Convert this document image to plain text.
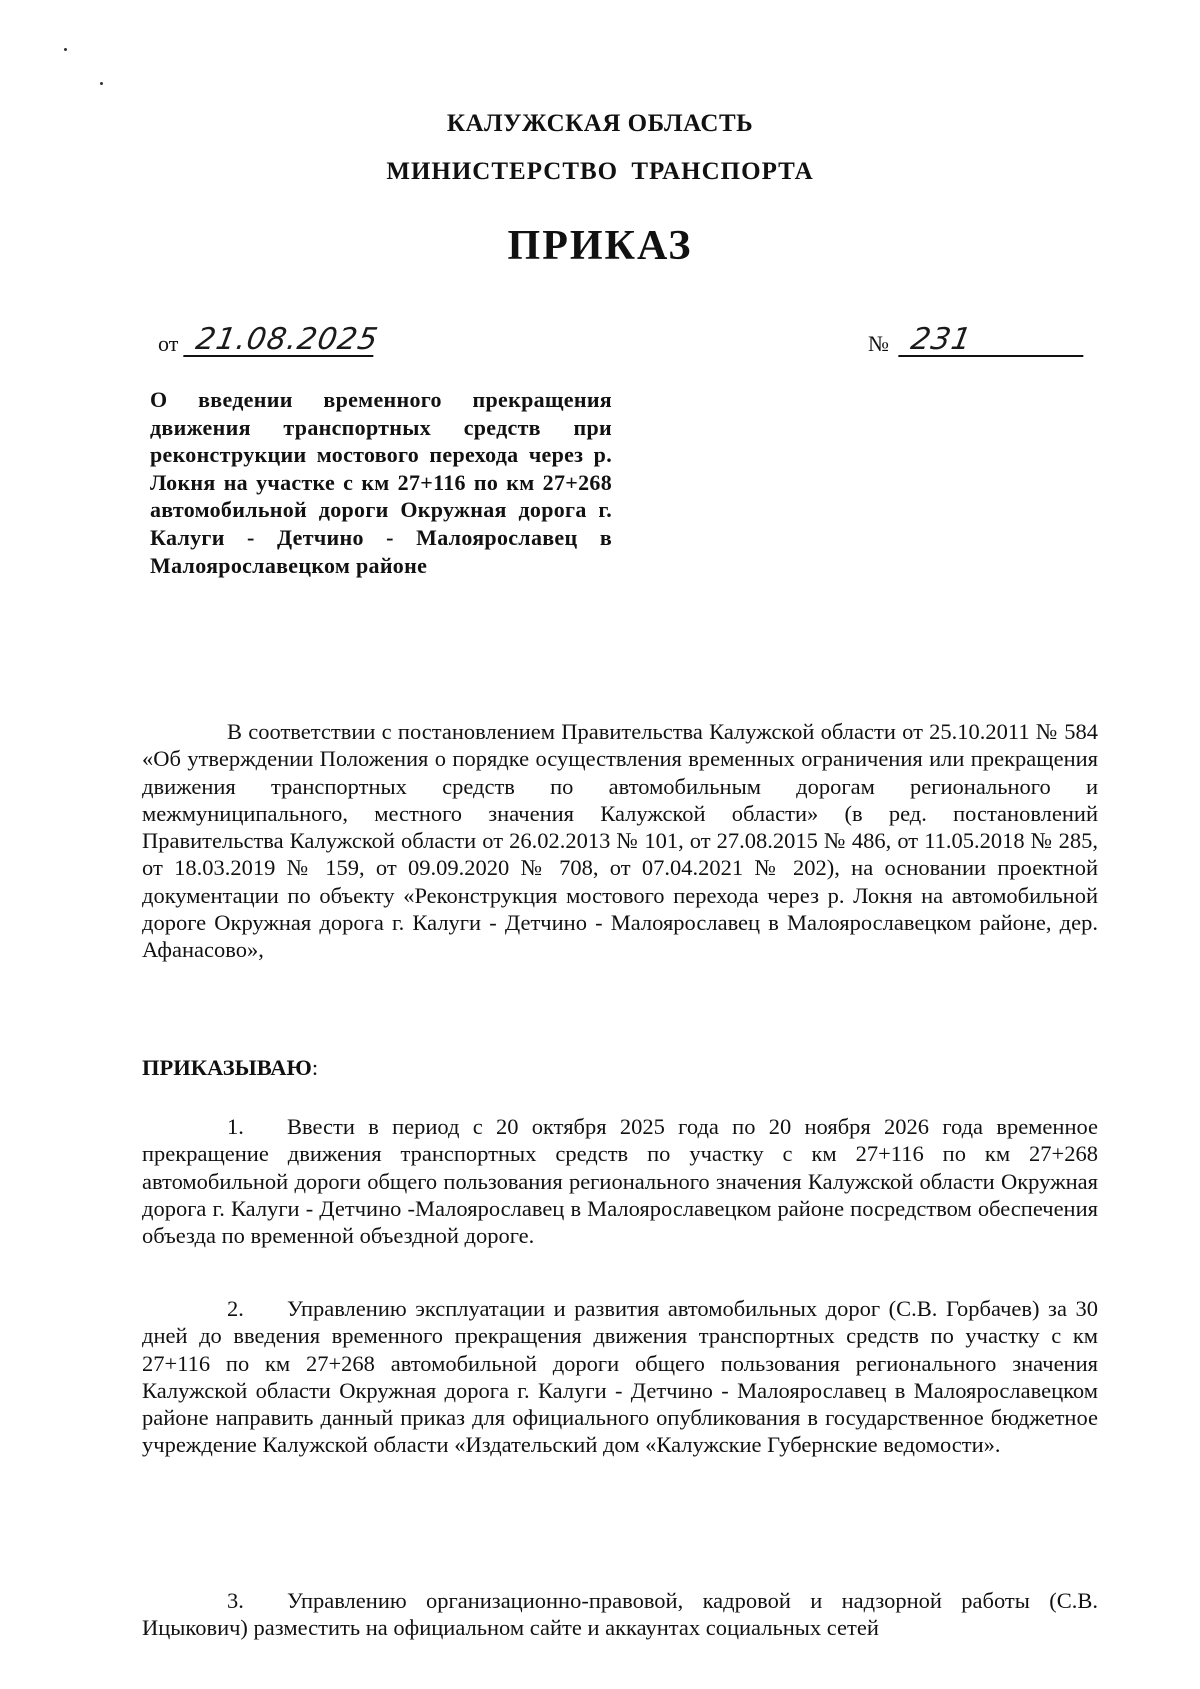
КАЛУЖСКАЯ ОБЛАСТЬ
МИНИСТЕРСТВО ТРАНСПОРТА
ПРИКАЗ
от 21.08.2025	№ 231

О введении временного прекращения движения транспортных средств при реконструкции мостового перехода через р. Локня на участке с км 27+116 по км 27+268 автомобильной дороги Окружная дорога г. Калуги - Детчино - Малоярославец в Малоярославецком районе

В соответствии с постановлением Правительства Калужской области от 25.10.2011 № 584 «Об утверждении Положения о порядке осуществления временных ограничения или прекращения движения транспортных средств по автомобильным дорогам регионального и межмуниципального, местного значения Калужской области» (в ред. постановлений Правительства Калужской области от 26.02.2013 № 101, от 27.08.2015 № 486, от 11.05.2018 № 285, от 18.03.2019 № 159, от 09.09.2020 № 708, от 07.04.2021 № 202), на основании проектной документации по объекту «Реконструкция мостового перехода через р. Локня на автомобильной дороге Окружная дорога г. Калуги - Детчино - Малоярославец в Малоярославецком районе, дер. Афанасово»,

ПРИКАЗЫВАЮ:

1. Ввести в период с 20 октября 2025 года по 20 ноября 2026 года временное прекращение движения транспортных средств по участку с км 27+116 по км 27+268 автомобильной дороги общего пользования регионального значения Калужской области Окружная дорога г. Калуги - Детчино -Малоярославец в Малоярославецком районе посредством обеспечения объезда по временной объездной дороге.

2. Управлению эксплуатации и развития автомобильных дорог (С.В. Горбачев) за 30 дней до введения временного прекращения движения транспортных средств по участку с км 27+116 по км 27+268 автомобильной дороги общего пользования регионального значения Калужской области Окружная дорога г. Калуги - Детчино - Малоярославец в Малоярославецком районе направить данный приказ для официального опубликования в государственное бюджетное учреждение Калужской области «Издательский дом «Калужские Губернские ведомости».

3. Управлению организационно-правовой, кадровой и надзорной работы (С.В. Ицыкович) разместить на официальном сайте и аккаунтах социальных сетей
